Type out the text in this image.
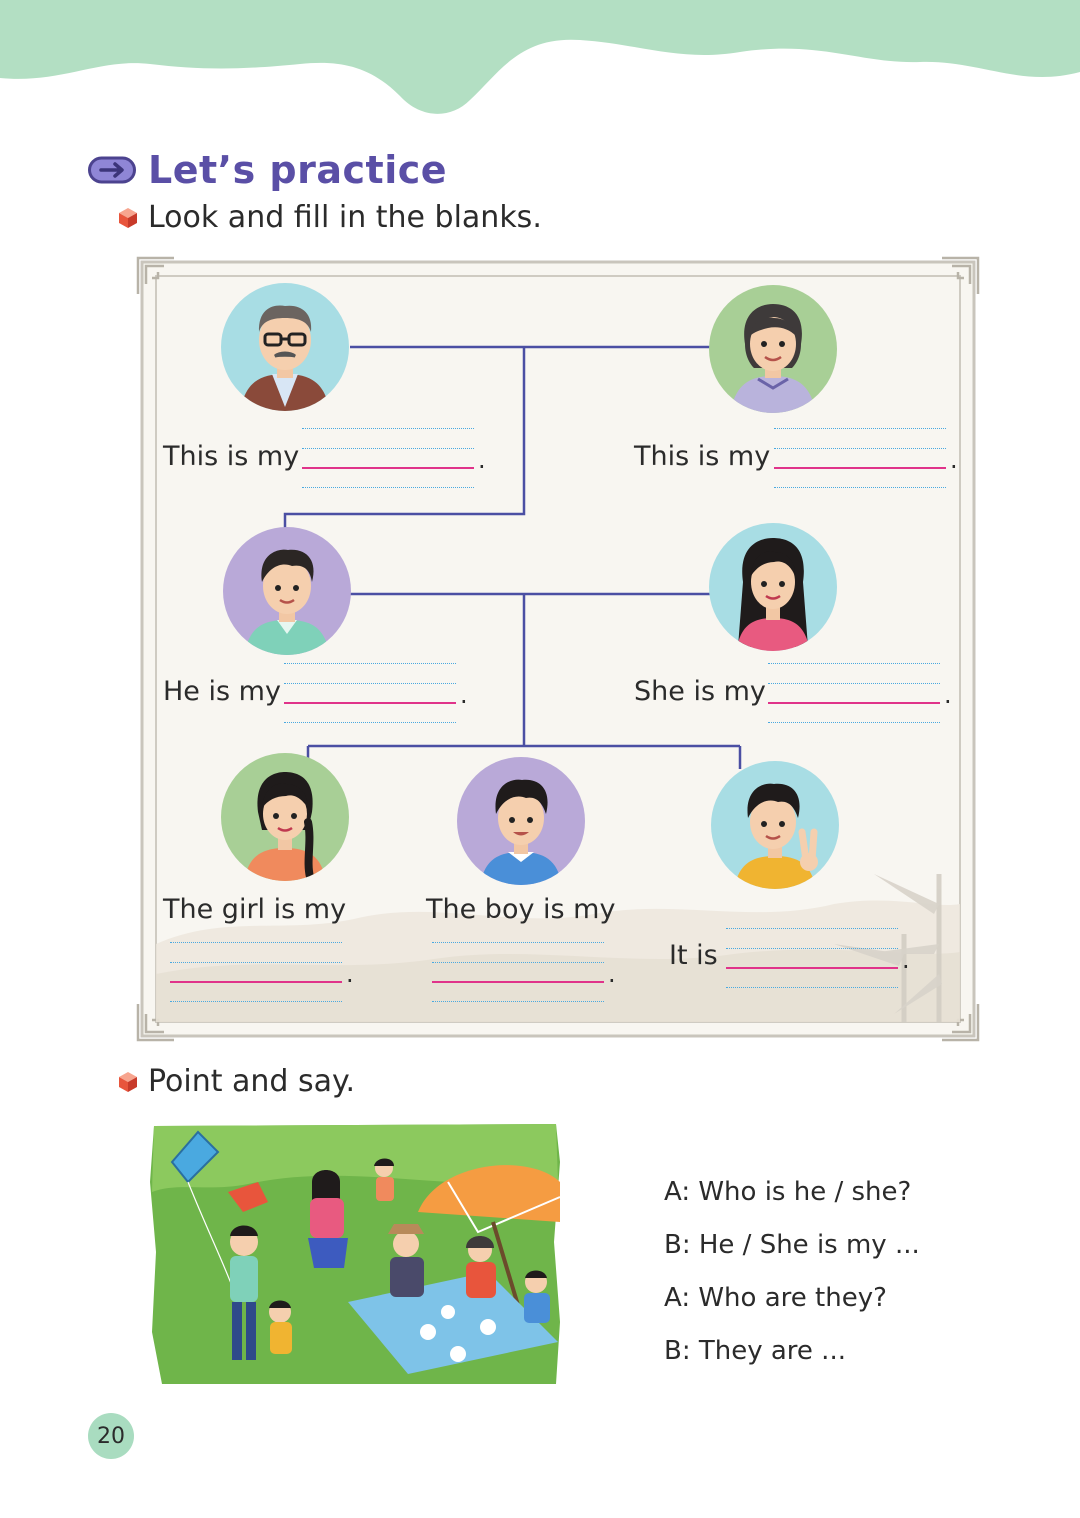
Let’s practice
Look and fill in the blanks.
This is my	.	This is my	.
He is my	.	She is my	.
The girl is my
.
The boy is my
.
It is	.
Point and say.
A: Who is he / she?
B: He / She is my ...
A: Who are they?
B: They are ...
20
